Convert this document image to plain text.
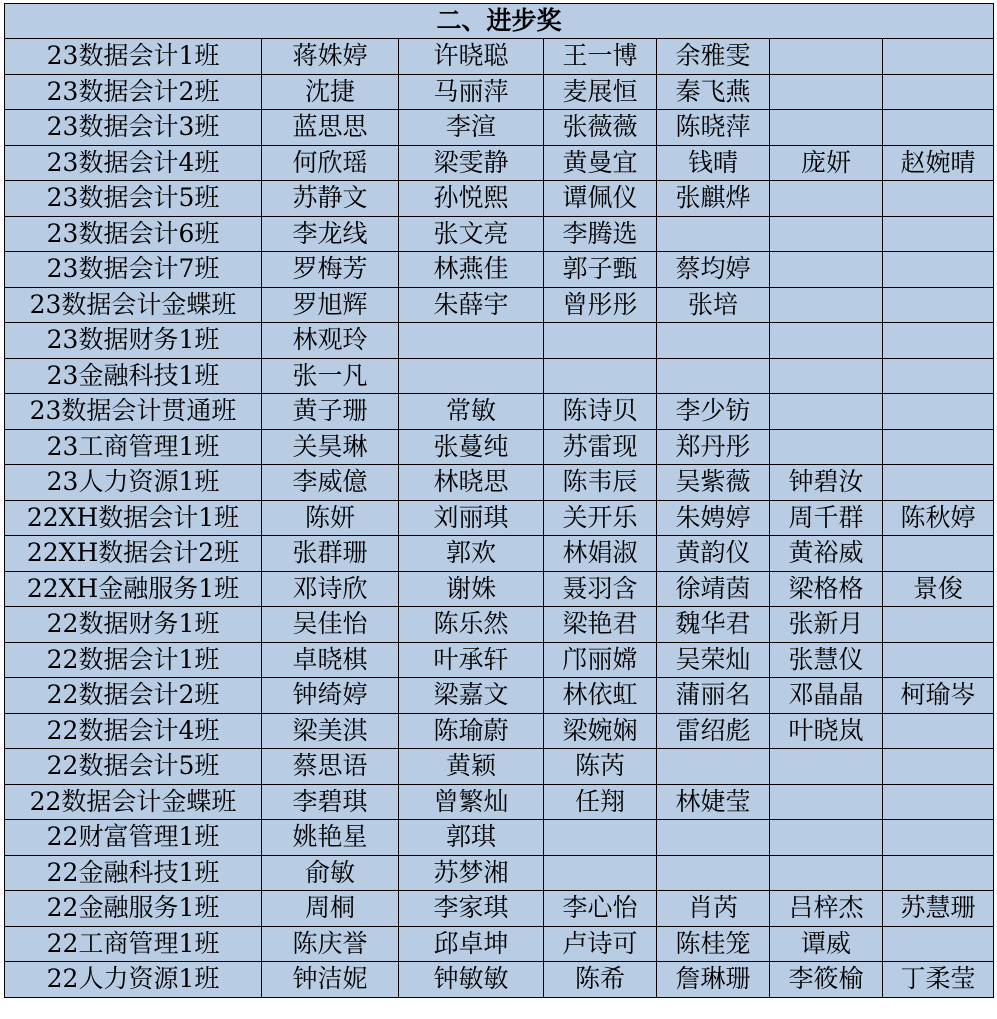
二、进步奖						
23数据会计1班	蒋姝婷	许晓聪	王一博	余雅雯		
23数据会计2班	沈捷	马丽萍	麦展恒	秦飞燕		
23数据会计3班	蓝思思	李渲	张薇薇	陈晓萍		
23数据会计4班	何欣瑶	梁雯静	黄曼宜	钱晴	庞妍	赵婉晴
23数据会计5班	苏静文	孙悦熙	谭佩仪	张麒烨		
23数据会计6班	李龙线	张文亮	李腾选			
23数据会计7班	罗梅芳	林燕佳	郭子甄	蔡均婷		
23数据会计金蝶班	罗旭辉	朱薛宇	曾彤彤	张培		
23数据财务1班	林观玲					
23金融科技1班	张一凡					
23数据会计贯通班	黄子珊	常敏	陈诗贝	李少钫		
23工商管理1班	关昊琳	张蔓纯	苏雷现	郑丹彤		
23人力资源1班	李威億	林晓思	陈韦辰	吴紫薇	钟碧汝	
22XH数据会计1班	陈妍	刘丽琪	关开乐	朱娉婷	周千群	陈秋婷
22XH数据会计2班	张群珊	郭欢	林娟淑	黄韵仪	黄裕威	
22XH金融服务1班	邓诗欣	谢姝	聂羽含	徐靖茵	梁格格	景俊
22数据财务1班	吴佳怡	陈乐然	梁艳君	魏华君	张新月	
22数据会计1班	卓晓棋	叶承轩	邝丽嫦	吴荣灿	张慧仪	
22数据会计2班	钟绮婷	梁嘉文	林依虹	蒲丽名	邓晶晶	柯瑜岑
22数据会计4班	梁美淇	陈瑜蔚	梁婉娴	雷绍彪	叶晓岚	
22数据会计5班	蔡思语	黄颖	陈芮			
22数据会计金蝶班	李碧琪	曾繁灿	任翔	林婕莹		
22财富管理1班	姚艳星	郭琪				
22金融科技1班	俞敏	苏梦湘				
22金融服务1班	周桐	李家琪	李心怡	肖芮	吕梓杰	苏慧珊
22工商管理1班	陈庆誉	邱卓坤	卢诗可	陈桂笼	谭威	
22人力资源1班	钟洁妮	钟敏敏	陈希	詹琳珊	李筱榆	丁柔莹
